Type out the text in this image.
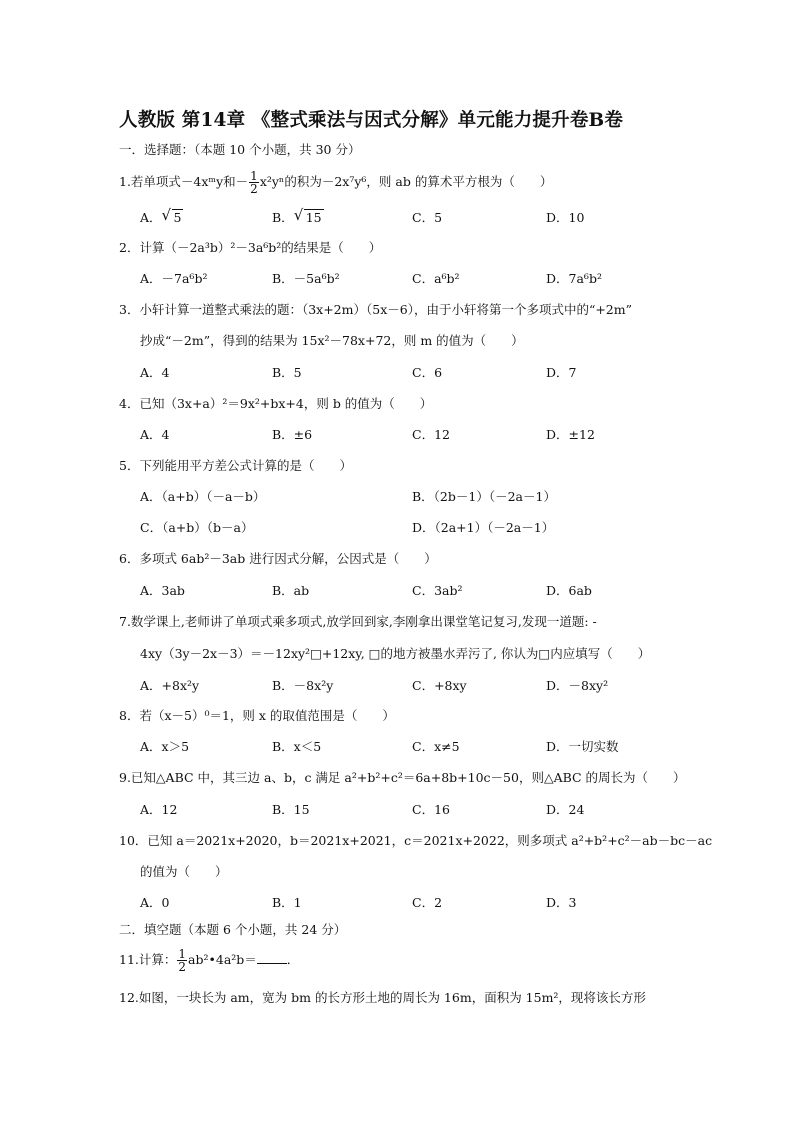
人教版 第14章 《整式乘法与因式分解》单元能力提升卷B卷
一．选择题：（本题 10 个小题，共 30 分）
1.若单项式－4xᵐy和－ $\frac{1}{2} x^2y^n$的积为－2x⁷y⁶，则 ab 的算术平方根为（　　）
A． √ 5	B． √ 15	C．5	D．10
2．计算（－2a³b）²－3a⁶b²的结果是（　　）
A．－7a⁶b²	B．－5a⁶b²	C．a⁶b²	D．7a⁶b²
3．小轩计算一道整式乘法的题：（3x+2m）（5x－6），由于小轩将第一个多项式中的“+2m”
抄成“－2m”，得到的结果为 15x²－78x+72，则 m 的值为（　　）
A．4	B．5	C．6	D．7
4．已知（3x+a）²＝9x²+bx+4，则 b 的值为（　　）
A．4	B．±6	C．12	D．±12
5．下列能用平方差公式计算的是（　　）
A．（a+b）（－a－b）	B．（2b－1）（－2a－1）
C．（a+b）（b－a）	D．（2a+1）（－2a－1）
6．多项式 6ab²－3ab 进行因式分解，公因式是（　　）
A．3ab	B．ab	C．3ab²	D．6ab
7.数学课上,老师讲了单项式乘多项式,放学回到家,李刚拿出课堂笔记复习,发现一道题: -
4xy（3y－2x－3）＝－12xy²□+12xy, □的地方被墨水弄污了, 你认为□内应填写（　　）
A．+8x²y	B．－8x²y	C．+8xy	D．－8xy²
8．若（x－5）⁰＝1，则 x 的取值范围是（　　）
A．x＞5	B．x＜5	C．x≠5	D．一切实数
9.已知△ABC 中，其三边 a、b，c 满足 a²+b²+c²＝6a+8b+10c－50，则△ABC 的周长为（　　）
A．12	B．15	C．16	D．24
10．已知 a＝2021x+2020，b＝2021x+2021，c＝2021x+2022，则多项式 a²+b²+c²－ab－bc－ac
的值为（　　）
A．0	B．1	C．2	D．3
二．填空题（本题 6 个小题，共 24 分）
11.计算： $\frac{1}{2}$ ab²•4a²b＝ ．
12.如图，一块长为 am，宽为 bm 的长方形土地的周长为 16m，面积为 15m²，现将该长方形
